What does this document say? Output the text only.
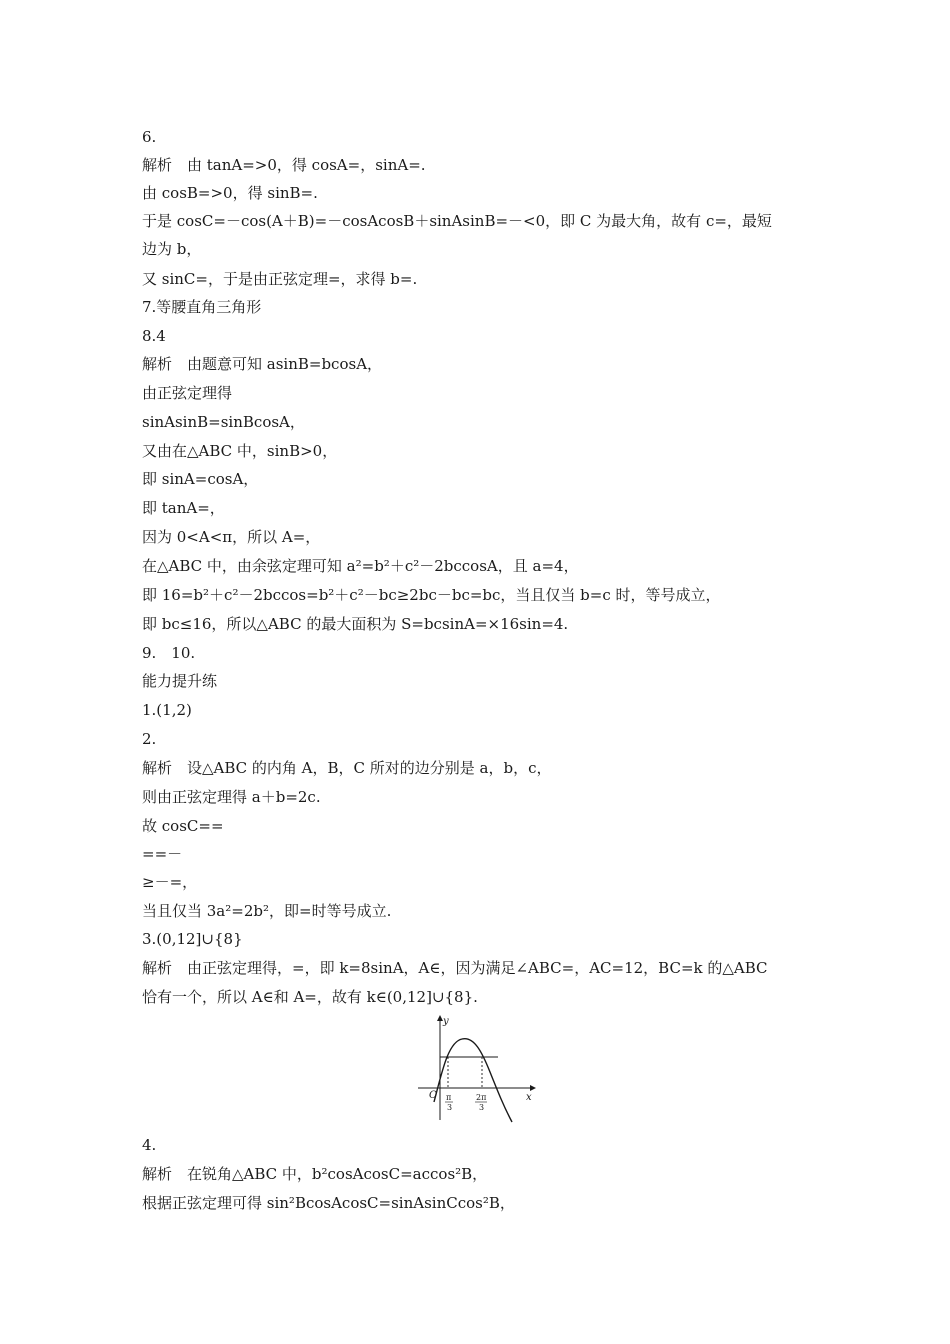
6.
解析　由 tanA=>0，得 cosA=，sinA=.
由 cosB=>0，得 sinB=.
于是 cosC=－cos(A＋B)=－cosAcosB＋sinAsinB=－<0，即 C 为最大角，故有 c=，最短
边为 b，
又 sinC=，于是由正弦定理=，求得 b=.
7.等腰直角三角形
8.4
解析　由题意可知 asinB=bcosA，
由正弦定理得
sinAsinB=sinBcosA，
又由在△ABC 中，sinB>0，
即 sinA=cosA，
即 tanA=，
因为 0<A<π，所以 A=，
在△ABC 中，由余弦定理可知 a²=b²＋c²－2bccosA，且 a=4，
即 16=b²＋c²－2bccos=b²＋c²－bc≥2bc－bc=bc，当且仅当 b=c 时，等号成立，
即 bc≤16，所以△ABC 的最大面积为 S=bcsinA=×16sin=4.
9.　10.
能力提升练
1.(1,2)
2.
解析　设△ABC 的内角 A，B，C 所对的边分别是 a，b，c，
则由正弦定理得 a＋b=2c.
故 cosC==
==－
≥－=，
当且仅当 3a²=2b²，即=时等号成立.
3.(0,12]∪{8}
解析　由正弦定理得，=，即 k=8sinA，A∈，因为满足∠ABC=，AC=12，BC=k 的△ABC
恰有一个，所以 A∈和 A=，故有 k∈(0,12]∪{8}.
y
x
O π
3
2π
3
4.
解析　在锐角△ABC 中，b²cosAcosC=accos²B，
根据正弦定理可得 sin²BcosAcosC=sinAsinCcos²B，
